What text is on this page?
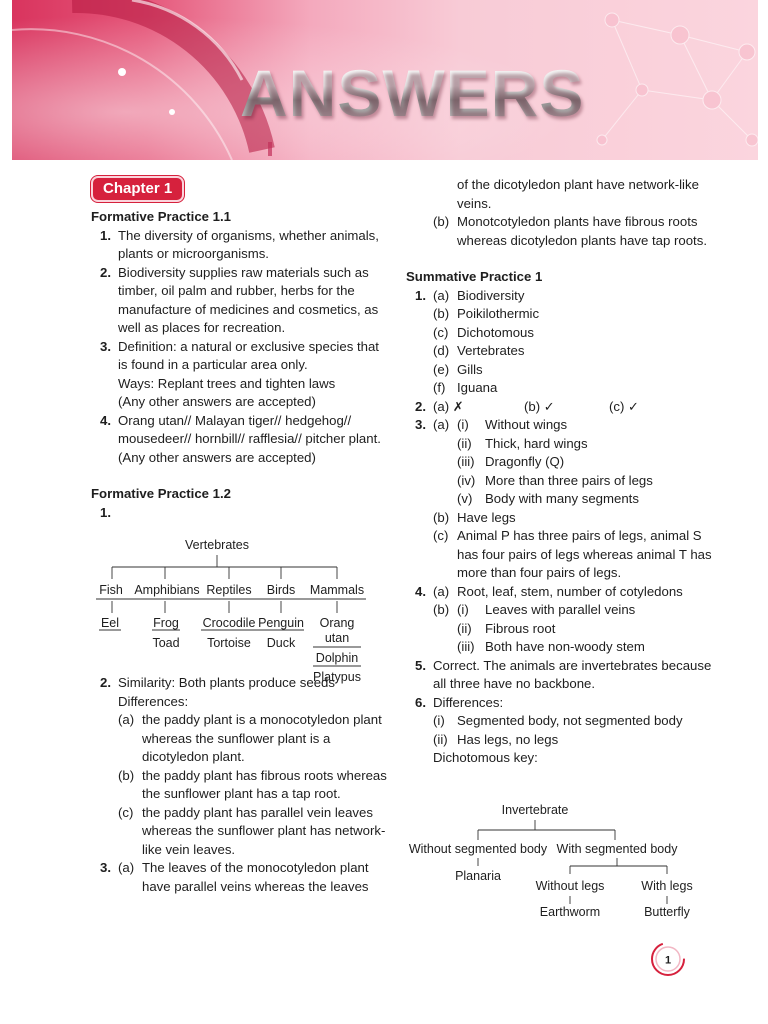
ANSWERS
Chapter 1
Formative Practice 1.1
1. The diversity of organisms, whether animals, plants or microorganisms.
2. Biodiversity supplies raw materials such as timber, oil palm and rubber, herbs for the manufacture of medicines and cosmetics, as well as places for recreation.
3. Definition: a natural or exclusive species that is found in a particular area only.
Ways: Replant trees and tighten laws
(Any other answers are accepted)
4. Orang utan// Malayan tiger// hedgehog// mousedeer// hornbill// rafflesia// pitcher plant.
(Any other answers are accepted)
Formative Practice 1.2
1.
2. Similarity: Both plants produce seeds
Differences:
(a) the paddy plant is a monocotyledon plant whereas the sunflower plant is a dicotyledon plant.
(b) the paddy plant has fibrous roots whereas the sunflower plant has a tap root.
(c) the paddy plant has parallel vein leaves whereas the sunflower plant has network-like vein leaves.
3. (a) The leaves of the monocotyledon plant have parallel veins whereas the leaves
Vertebrates
Fish Amphibians Reptiles Birds Mammals
Eel	Frog
Toad
Crocodile
Tortoise
Penguin
Duck
Orang
utan
Dolphin
Platypus
of the dicotyledon plant have network-like veins.
(b) Monotcotyledon plants have fibrous roots whereas dicotyledon plants have tap roots.
Summative Practice 1
1. (a) Biodiversity
(b) Poikilothermic
(c) Dichotomous
(d) Vertebrates
(e) Gills
(f) Iguana
2. (a) ✗	(b) ✓	(c) ✓
3. (a) (i)	Without wings
(ii)	Thick, hard wings
(iii) Dragonfly (Q)
(iv) More than three pairs of legs
(v) Body with many segments
(b) Have legs
(c) Animal P has three pairs of legs, animal S has four pairs of legs whereas animal T has more than four pairs of legs.
4. (a) Root, leaf, stem, number of cotyledons
(b) (i)	Leaves with parallel veins
(ii)	Fibrous root
(iii) Both have non-woody stem
5. Correct. The animals are invertebrates because all three have no backbone.
6. Differences:
(i) Segmented body, not segmented body
(ii) Has legs, no legs
Dichotomous key:
Invertebrate
Without segmented body With segmented body
Planaria
Without legs	With legs
Earthworm	Butterfly
1
